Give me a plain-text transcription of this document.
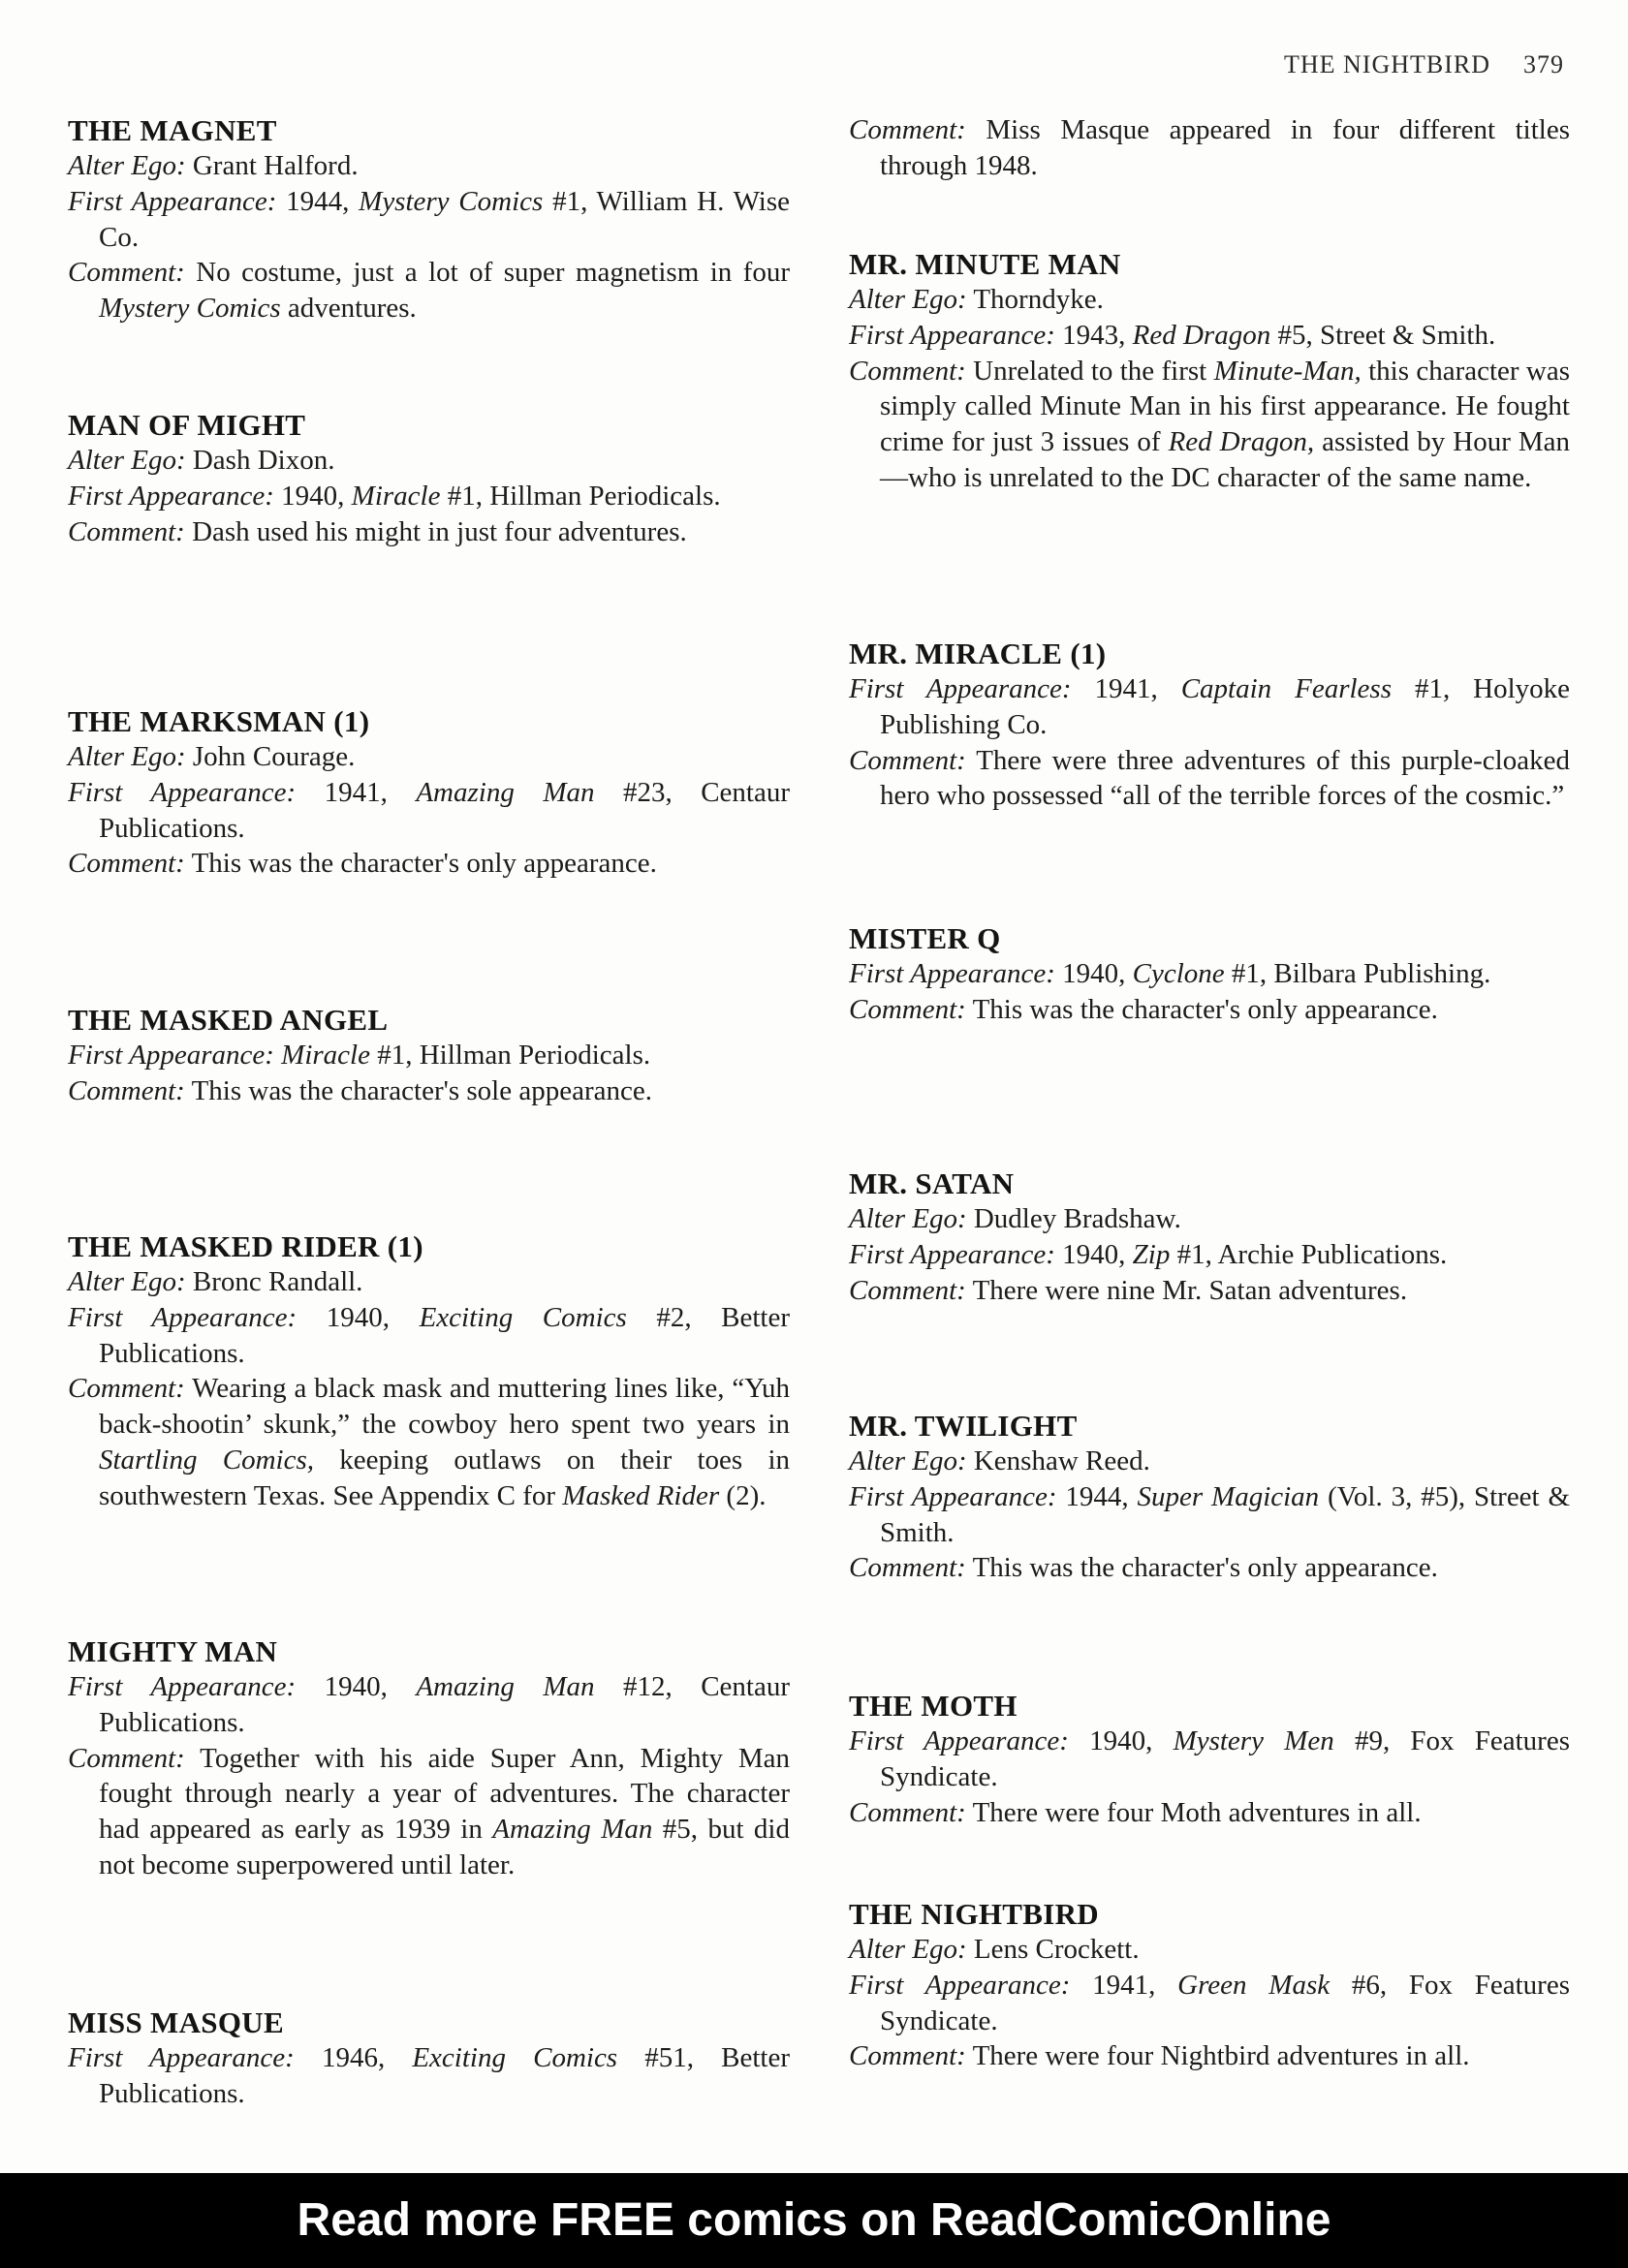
THE NIGHTBIRD 379
THE MAGNET

Alter Ego: Grant Halford.

First Appearance: 1944, Mystery Comics #1, William H. Wise Co.

Comment: No costume, just a lot of super magnetism in four Mystery Comics adventures.

MAN OF MIGHT

Alter Ego: Dash Dixon.

First Appearance: 1940, Miracle #1, Hillman Periodicals.

Comment: Dash used his might in just four adventures.

THE MARKSMAN (1)

Alter Ego: John Courage.

First Appearance: 1941, Amazing Man #23, Centaur Publications.

Comment: This was the character's only appearance.

THE MASKED ANGEL

First Appearance: Miracle #1, Hillman Periodicals.

Comment: This was the character's sole appearance.

THE MASKED RIDER (1)

Alter Ego: Bronc Randall.

First Appearance: 1940, Exciting Comics #2, Better Publications.

Comment: Wearing a black mask and muttering lines like, “Yuh back-shootin’ skunk,” the cowboy hero spent two years in Startling Comics, keeping outlaws on their toes in southwestern Texas. See Appendix C for Masked Rider (2).

MIGHTY MAN

First Appearance: 1940, Amazing Man #12, Centaur Publications.

Comment: Together with his aide Super Ann, Mighty Man fought through nearly a year of adventures. The character had appeared as early as 1939 in Amazing Man #5, but did not become superpowered until later.

MISS MASQUE

First Appearance: 1946, Exciting Comics #51, Better Publications.

Comment: Miss Masque appeared in four different titles through 1948.

MR. MINUTE MAN

Alter Ego: Thorndyke.

First Appearance: 1943, Red Dragon #5, Street & Smith.

Comment: Unrelated to the first Minute-Man, this character was simply called Minute Man in his first appearance. He fought crime for just 3 issues of Red Dragon, assisted by Hour Man—who is unrelated to the DC character of the same name.

MR. MIRACLE (1)

First Appearance: 1941, Captain Fearless #1, Holyoke Publishing Co.

Comment: There were three adventures of this purple-cloaked hero who possessed “all of the terrible forces of the cosmic.”

MISTER Q

First Appearance: 1940, Cyclone #1, Bilbara Publishing.

Comment: This was the character's only appearance.

MR. SATAN

Alter Ego: Dudley Bradshaw.

First Appearance: 1940, Zip #1, Archie Publications.

Comment: There were nine Mr. Satan adventures.

MR. TWILIGHT

Alter Ego: Kenshaw Reed.

First Appearance: 1944, Super Magician (Vol. 3, #5), Street & Smith.

Comment: This was the character's only appearance.

THE MOTH

First Appearance: 1940, Mystery Men #9, Fox Features Syndicate.

Comment: There were four Moth adventures in all.

THE NIGHTBIRD

Alter Ego: Lens Crockett.

First Appearance: 1941, Green Mask #6, Fox Features Syndicate.

Comment: There were four Nightbird adventures in all.

Read more FREE comics on ReadComicOnline
